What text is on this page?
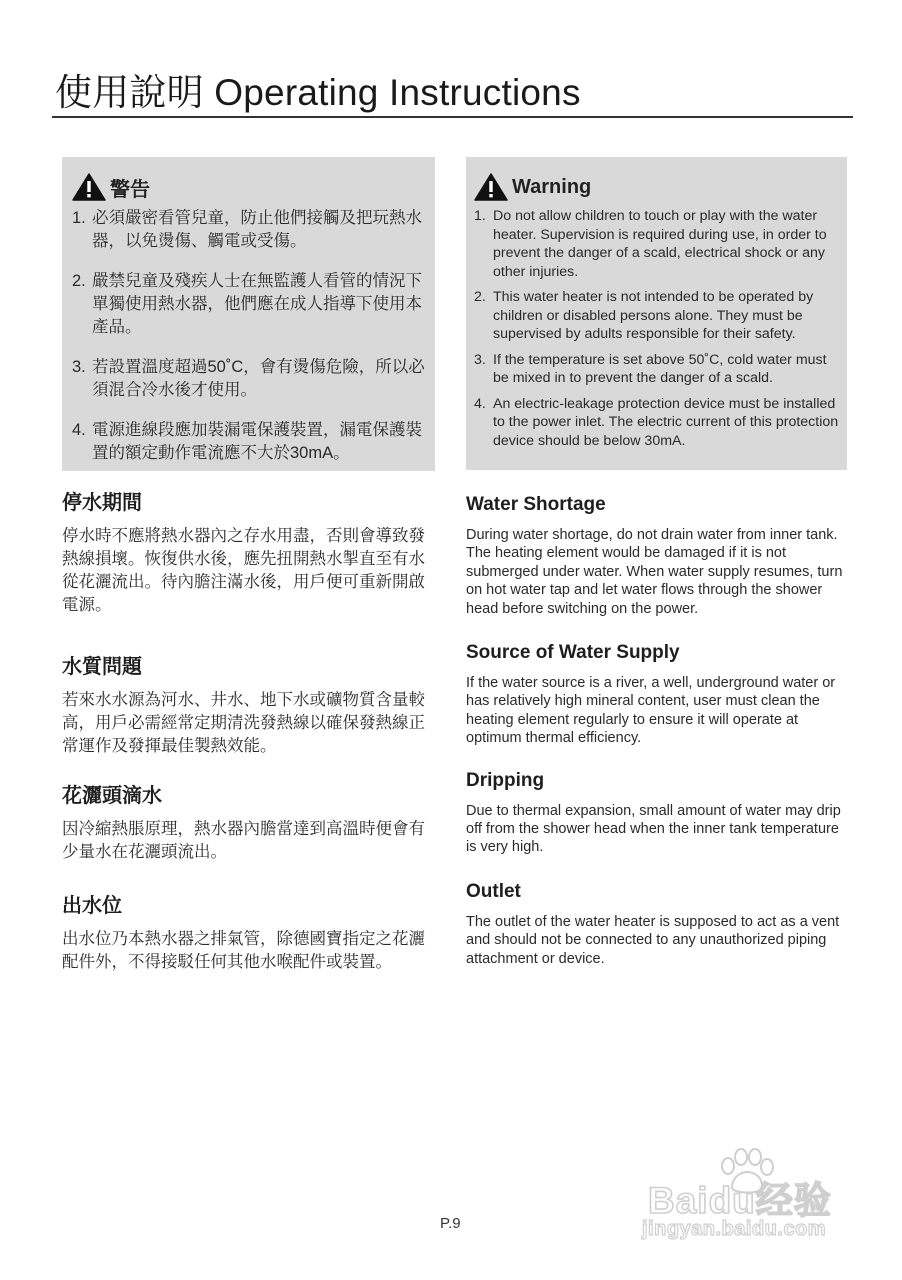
使用說明 Operating Instructions
警告
1. 必須嚴密看管兒童，防止他們接觸及把玩熱水器，以免燙傷、觸電或受傷。
2. 嚴禁兒童及殘疾人士在無監護人看管的情況下單獨使用熱水器，他們應在成人指導下使用本產品。
3. 若設置溫度超過50˚C，會有燙傷危險，所以必須混合冷水後才使用。
4. 電源進線段應加裝漏電保護裝置，漏電保護裝置的額定動作電流應不大於30mA。
停水期間

停水時不應將熱水器內之存水用盡，否則會導致發熱線損壞。恢復供水後，應先扭開熱水掣直至有水從花灑流出。待內膽注滿水後，用戶便可重新開啟電源。

水質問題

若來水水源為河水、井水、地下水或礦物質含量較高，用戶必需經常定期清洗發熱線以確保發熱線正常運作及發揮最佳製熱效能。

花灑頭滴水

因冷縮熱脹原理，熱水器內膽當達到高溫時便會有少量水在花灑頭流出。

出水位

出水位乃本熱水器之排氣管，除德國寶指定之花灑配件外，不得接駁任何其他水喉配件或裝置。

Warning
1. Do not allow children to touch or play with the water heater. Supervision is required during use, in order to prevent the danger of a scald, electrical shock or any other injuries.
2. This water heater is not intended to be operated by children or disabled persons alone. They must be supervised by adults responsible for their safety.
3. If the temperature is set above 50˚C, cold water must be mixed in to prevent the danger of a scald.
4. An electric-leakage protection device must be installed to the power inlet. The electric current of this protection device should be below 30mA.
Water Shortage

During water shortage, do not drain water from inner tank. The heating element would be damaged if it is not submerged under water. When water supply resumes, turn on hot water tap and let water flows through the shower head before switching on the power.

Source of Water Supply

If the water source is a river, a well, underground water or has relatively high mineral content, user must clean the heating element regularly to ensure it will operate at optimum thermal efficiency.

Dripping

Due to thermal expansion, small amount of water may drip off from the shower head when the inner tank temperature is very high.

Outlet

The outlet of the water heater is supposed to act as a vent and should not be connected to any unauthorized piping attachment or device.

P.9
Baidu经验
jingyan.baidu.com
